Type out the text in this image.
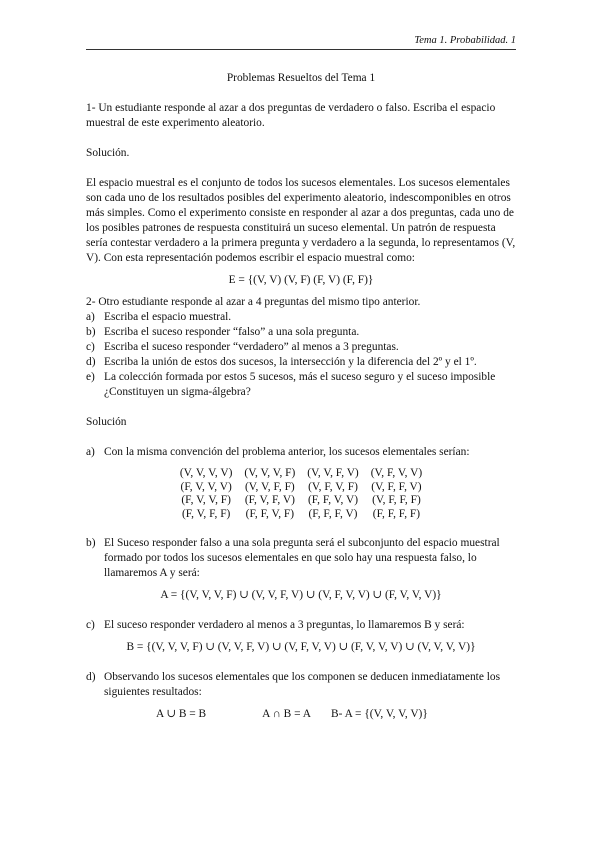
Tema 1. Probabilidad. 1
Problemas Resueltos del Tema 1

1- Un estudiante responde al azar a dos preguntas de verdadero o falso. Escriba el espacio muestral de este experimento aleatorio.

Solución.

El espacio muestral es el conjunto de todos los sucesos elementales. Los sucesos elementales son cada uno de los resultados posibles del experimento aleatorio, indescomponibles en otros más simples. Como el experimento consiste en responder al azar a dos preguntas, cada uno de los posibles patrones de respuesta constituirá un suceso elemental. Un patrón de respuesta sería contestar verdadero a la primera pregunta y verdadero a la segunda, lo representamos (V, V). Con esta representación podemos escribir el espacio muestral como:

E = {(V, V) (V, F) (F, V) (F, F)}

2- Otro estudiante responde al azar a 4 preguntas del mismo tipo anterior.

a) Escriba el espacio muestral.
b) Escriba el suceso responder “falso” a una sola pregunta.
c) Escriba el suceso responder “verdadero” al menos a 3 preguntas.
d) Escriba la unión de estos dos sucesos, la intersección y la diferencia del 2º y el 1º.
e) La colección formada por estos 5 sucesos, más el suceso seguro y el suceso imposible ¿Constituyen un sigma-álgebra?

Solución

a) Con la misma convención del problema anterior, los sucesos elementales serían:
(V, V, V, V)	(V, V, V, F)	(V, V, F, V)	(V, F, V, V)
(F, V, V, V)	(V, V, F, F)	(V, F, V, F)	(V, F, F, V)
(F, V, V, F)	(F, V, F, V)	(F, F, V, V)	(V, F, F, F)
(F, V, F, F)	(F, F, V, F)	(F, F, F, V)	(F, F, F, F)
b) El Suceso responder falso a una sola pregunta será el subconjunto del espacio muestral formado por todos los sucesos elementales en que solo hay una respuesta falso, lo llamaremos A y será:

A = {(V, V, V, F) ∪ (V, V, F, V) ∪ (V, F, V, V) ∪ (F, V, V, V)}

c) El suceso responder verdadero al menos a 3 preguntas, lo llamaremos B y será:

B = {(V, V, V, F) ∪ (V, V, F, V) ∪ (V, F, V, V) ∪ (F, V, V, V) ∪ (V, V, V, V)}

d) Observando los sucesos elementales que los componen se deducen inmediatamente los siguientes resultados:
A ∪ B = B	A ∩ B = A B- A = {(V, V, V, V)}
